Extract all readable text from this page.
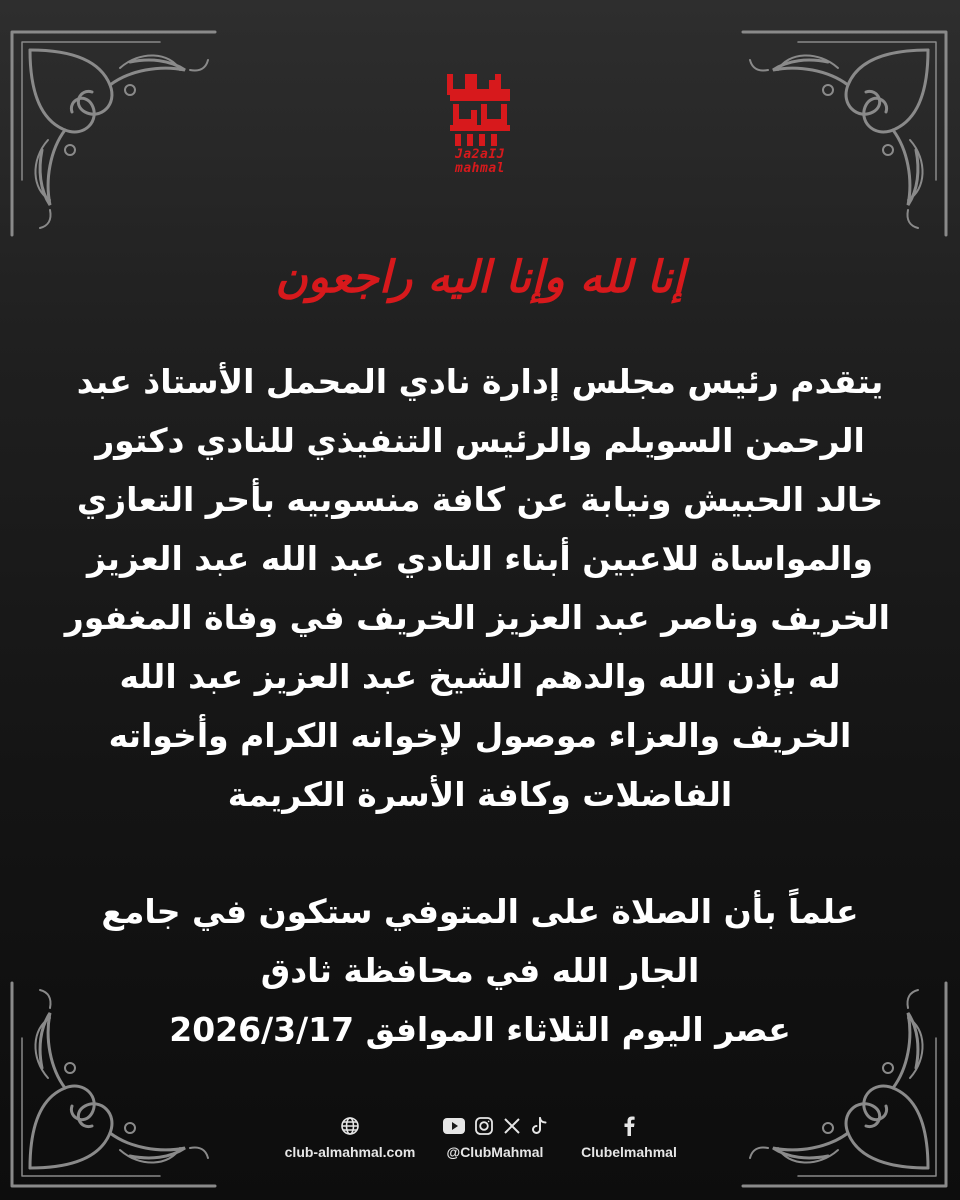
Ja2aIJ
mahmal
إنا لله وإنا اليه راجعون
يتقدم رئيس مجلس إدارة نادي المحمل الأستاذ عبد
الرحمن السويلم والرئيس التنفيذي للنادي دكتور
خالد الحبيش ونيابة عن كافة منسوبيه بأحر التعازي
والمواساة للاعبين أبناء النادي عبد الله عبد العزيز
الخريف وناصر عبد العزيز الخريف في وفاة المغفور
له بإذن الله والدهم الشيخ عبد العزيز عبد الله
الخريف والعزاء موصول لإخوانه الكرام وأخواته
الفاضلات وكافة الأسرة الكريمة
علماً بأن الصلاة على المتوفي ستكون في جامع
الجار الله في محافظة ثادق
عصر اليوم الثلاثاء الموافق 2026/3/17
club-almahmal.com	@ClubMahmal	Clubelmahmal
